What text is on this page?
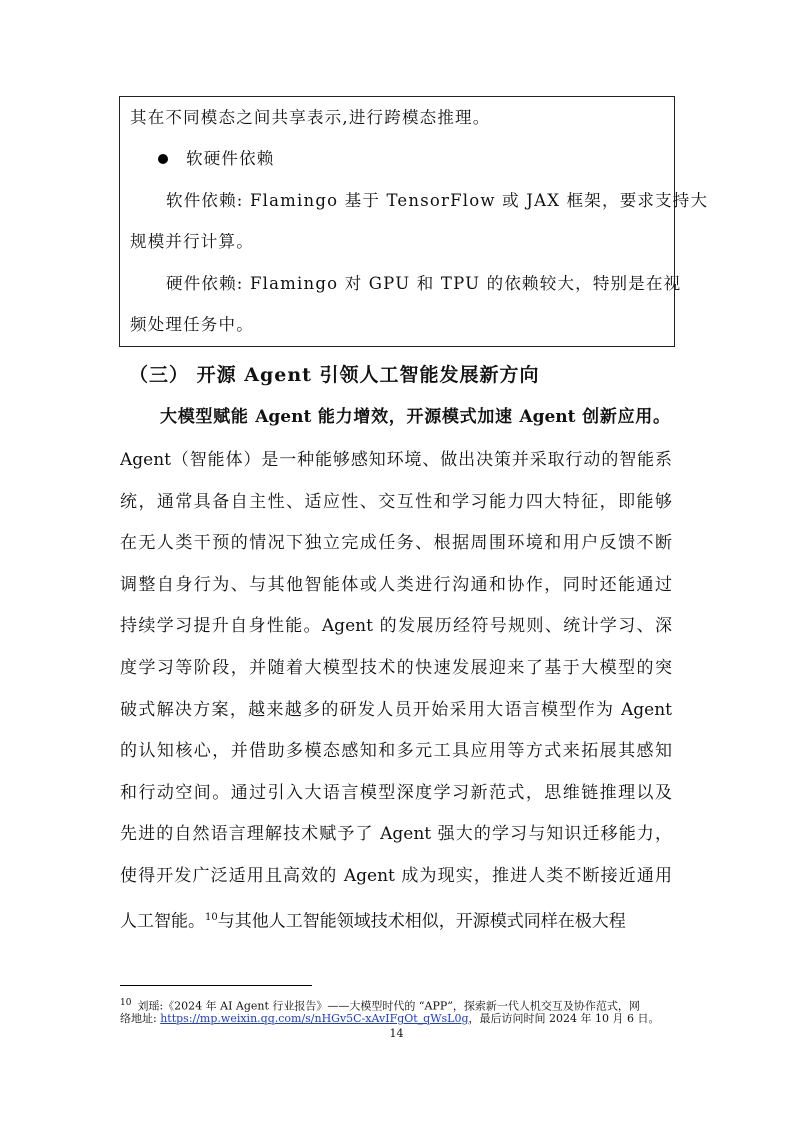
其在不同模态之间共享表示,进行跨模态推理。
软硬件依赖
软件依赖: Flamingo 基于 TensorFlow 或 JAX 框架，要求支持大
规模并行计算。
硬件依赖: Flamingo 对 GPU 和 TPU 的依赖较大，特别是在视
频处理任务中。
（三） 开源 Agent 引领人工智能发展新方向
大模型赋能 Agent 能力增效，开源模式加速 Agent 创新应用。
Agent（智能体）是一种能够感知环境、做出决策并采取行动的智能系
统，通常具备自主性、适应性、交互性和学习能力四大特征，即能够
在无人类干预的情况下独立完成任务、根据周围环境和用户反馈不断
调整自身行为、与其他智能体或人类进行沟通和协作，同时还能通过
持续学习提升自身性能。Agent 的发展历经符号规则、统计学习、深
度学习等阶段，并随着大模型技术的快速发展迎来了基于大模型的突
破式解决方案，越来越多的研发人员开始采用大语言模型作为 Agent
的认知核心，并借助多模态感知和多元工具应用等方式来拓展其感知
和行动空间。通过引入大语言模型深度学习新范式，思维链推理以及
先进的自然语言理解技术赋予了 Agent 强大的学习与知识迁移能力，
使得开发广泛适用且高效的 Agent 成为现实，推进人类不断接近通用
人工智能。$^{10}$与其他人工智能领域技术相似，开源模式同样在极大程
$^{10}$ 刘瑶:《2024 年 AI Agent 行业报告》——大模型时代的 “APP”，探索新一代人机交互及协作范式，网
络地址: https://mp.weixin.qq.com/s/nHGv5C-xAvIFgOt_qWsL0g，最后访问时间 2024 年 10 月 6 日。
14
